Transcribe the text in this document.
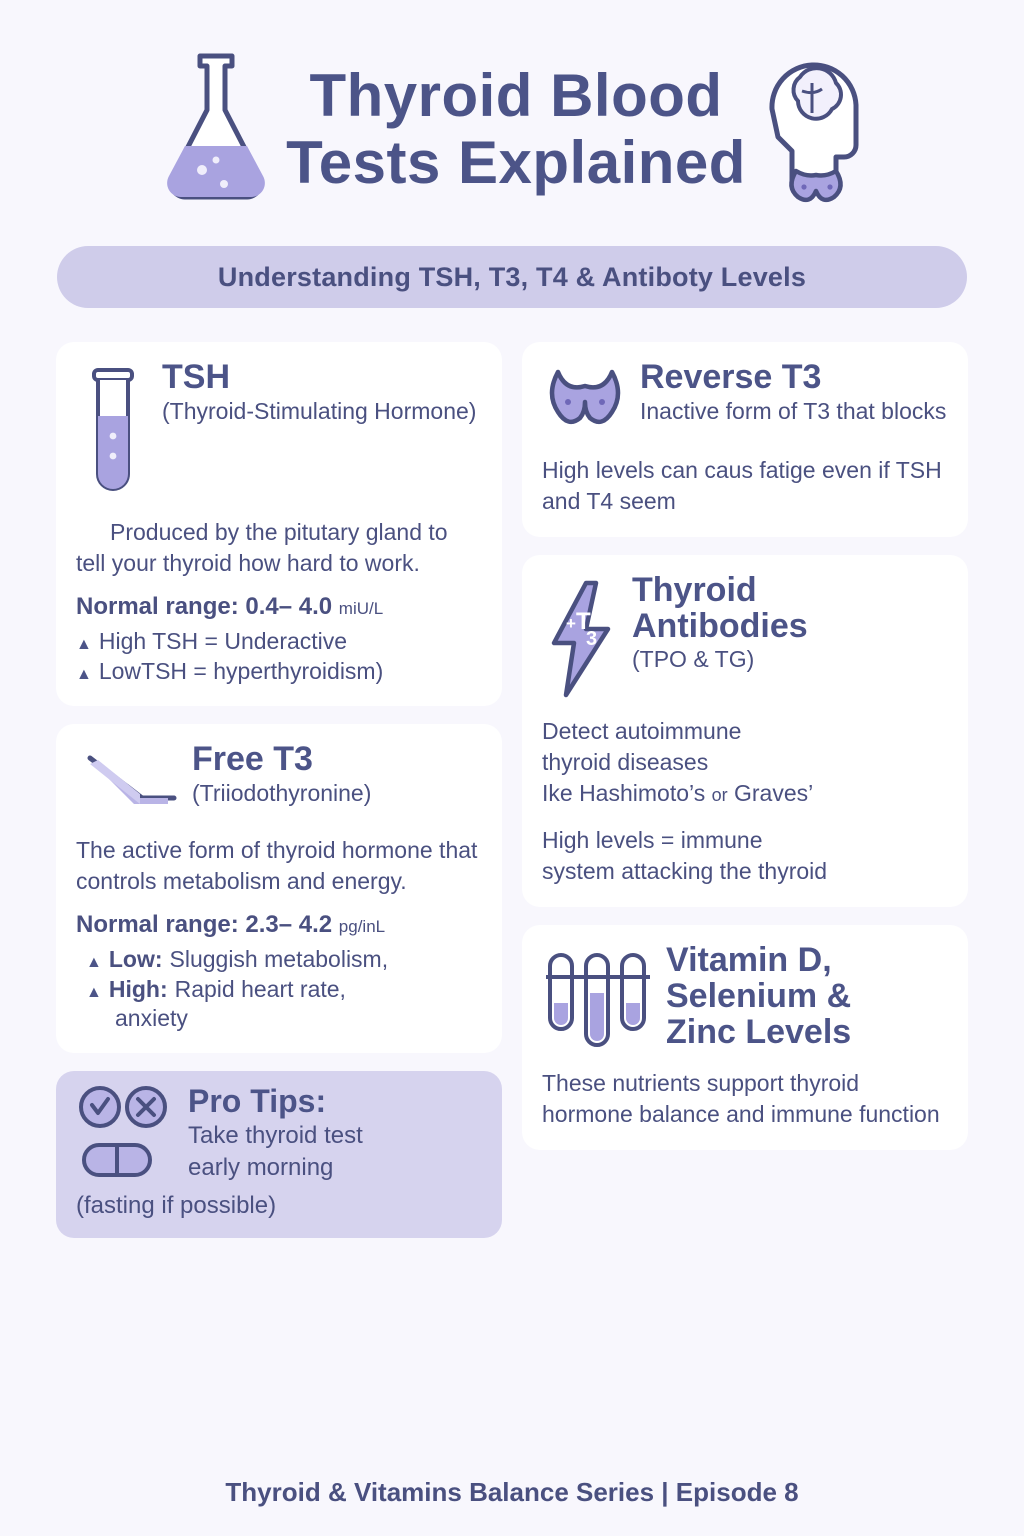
Thyroid Blood
Tests Explained
Understanding TSH, T3, T4 & Antiboty Levels
TSH
(Thyroid-Stimulating Hormone)
Produced by the pitutary gland to tell your thyroid how hard to work.
Normal range: 0.4– 4.0 miU/L
▲ High TSH = Underactive
▲ LowTSH = hyperthyroidism)
Free T3
(Triiodothyronine)
The active form of thyroid hormone that controls metabolism and energy.
Normal range: 2.3– 4.2 pg/inL
▲ Low: Sluggish metabolism,
▲ High: Rapid heart rate,
anxiety
Pro Tips:
Take thyroid test
early morning
(fasting if possible)
Reverse T3
Inactive form of T3 that blocks
High levels can caus fatige even if TSH and T4 seem
+ T
3
Thyroid
Antibodies
(TPO & TG)
Detect autoimmune
thyroid diseases
Ike Hashimoto’s or Graves’
High levels = immune
system attacking the thyroid
Vitamin D,
Selenium &
Zinc Levels
These nutrients support thyroid hormone balance and immune function
Thyroid & Vitamins Balance Series | Episode 8
